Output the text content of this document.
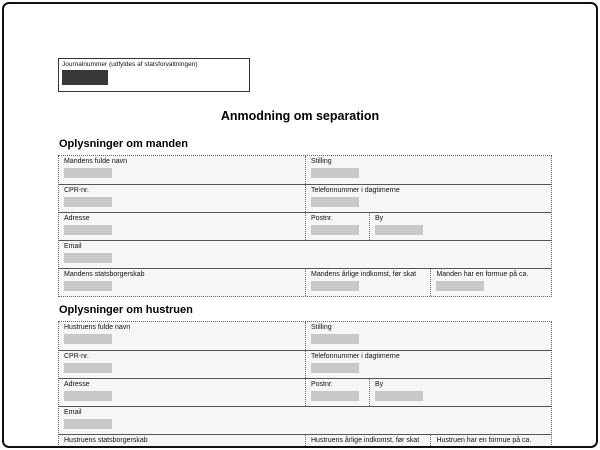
Journalnummer (udfyldes af statsforvaltningen)
Anmodning om separation
Oplysninger om manden
Mandens fulde navn	Stilling
CPR-nr.	Telefonnummer i dagtimerne
Adresse	Postnr.	By
Email
Mandens statsborgerskab	Mandens årlige indkomst, før skat	Manden har en formue på ca.
Oplysninger om hustruen
Hustruens fulde navn	Stilling
CPR-nr.	Telefonnummer i dagtimerne
Adresse	Postnr.	By
Email
Hustruens statsborgerskab	Hustruens årlige indkomst, før skat	Hustruen har en formue på ca.
